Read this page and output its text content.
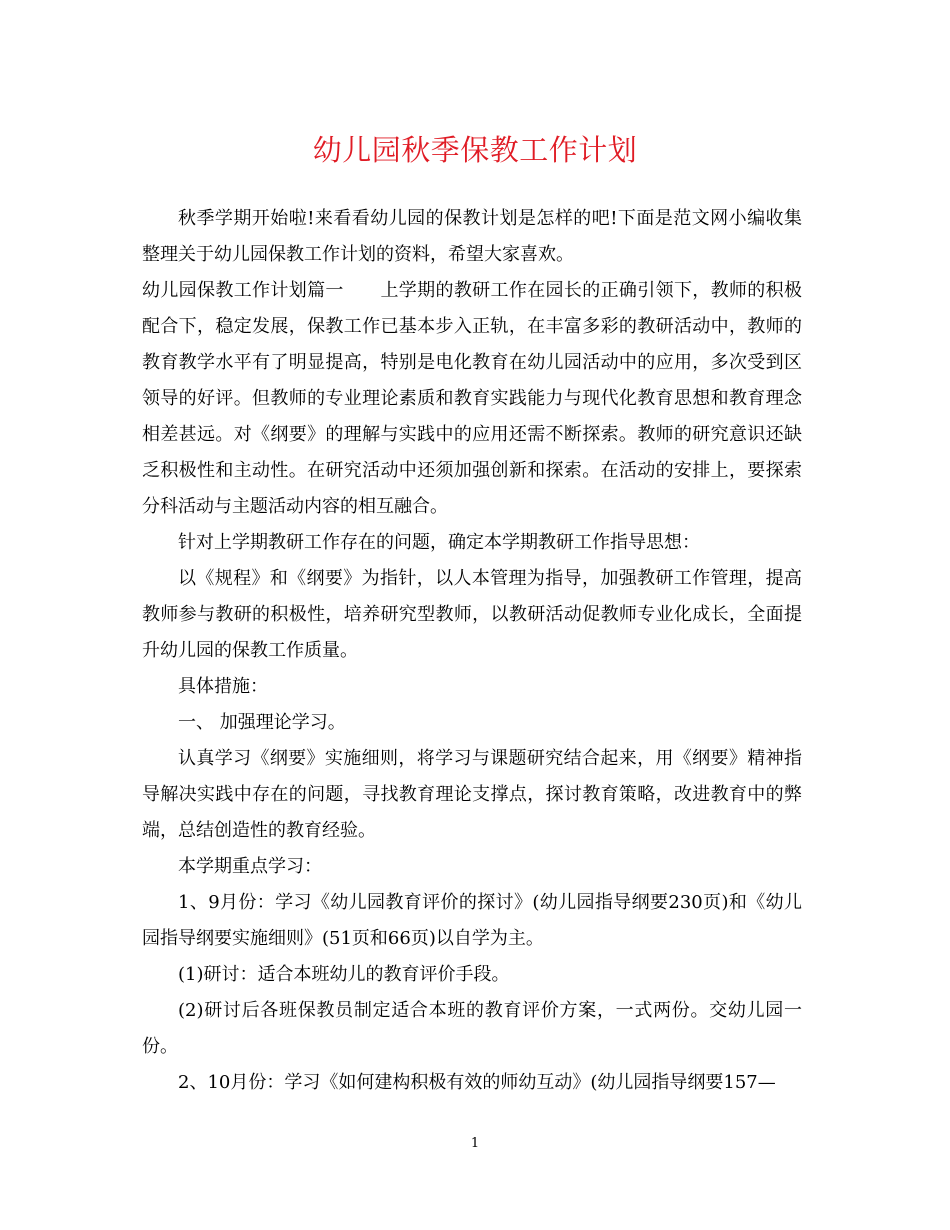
幼儿园秋季保教工作计划

秋季学期开始啦!来看看幼儿园的保教计划是怎样的吧!下面是范文网小编收集整理关于幼儿园保教工作计划的资料，希望大家喜欢。

幼儿园保教工作计划篇一　　上学期的教研工作在园长的正确引领下，教师的积极配合下，稳定发展，保教工作已基本步入正轨，在丰富多彩的教研活动中，教师的教育教学水平有了明显提高，特别是电化教育在幼儿园活动中的应用，多次受到区领导的好评。但教师的专业理论素质和教育实践能力与现代化教育思想和教育理念相差甚远。对《纲要》的理解与实践中的应用还需不断探索。教师的研究意识还缺乏积极性和主动性。在研究活动中还须加强创新和探索。在活动的安排上，要探索分科活动与主题活动内容的相互融合。

针对上学期教研工作存在的问题，确定本学期教研工作指导思想：

以《规程》和《纲要》为指针，以人本管理为指导，加强教研工作管理，提高教师参与教研的积极性，培养研究型教师，以教研活动促教师专业化成长，全面提升幼儿园的保教工作质量。

具体措施：

一、 加强理论学习。

认真学习《纲要》实施细则，将学习与课题研究结合起来，用《纲要》精神指导解决实践中存在的问题，寻找教育理论支撑点，探讨教育策略，改进教育中的弊端，总结创造性的教育经验。

本学期重点学习：

1、9月份：学习《幼儿园教育评价的探讨》(幼儿园指导纲要230页)和《幼儿园指导纲要实施细则》(51页和66页)以自学为主。

(1)研讨：适合本班幼儿的教育评价手段。

(2)研讨后各班保教员制定适合本班的教育评价方案，一式两份。交幼儿园一份。

2、10月份：学习《如何建构积极有效的师幼互动》(幼儿园指导纲要157—

1
